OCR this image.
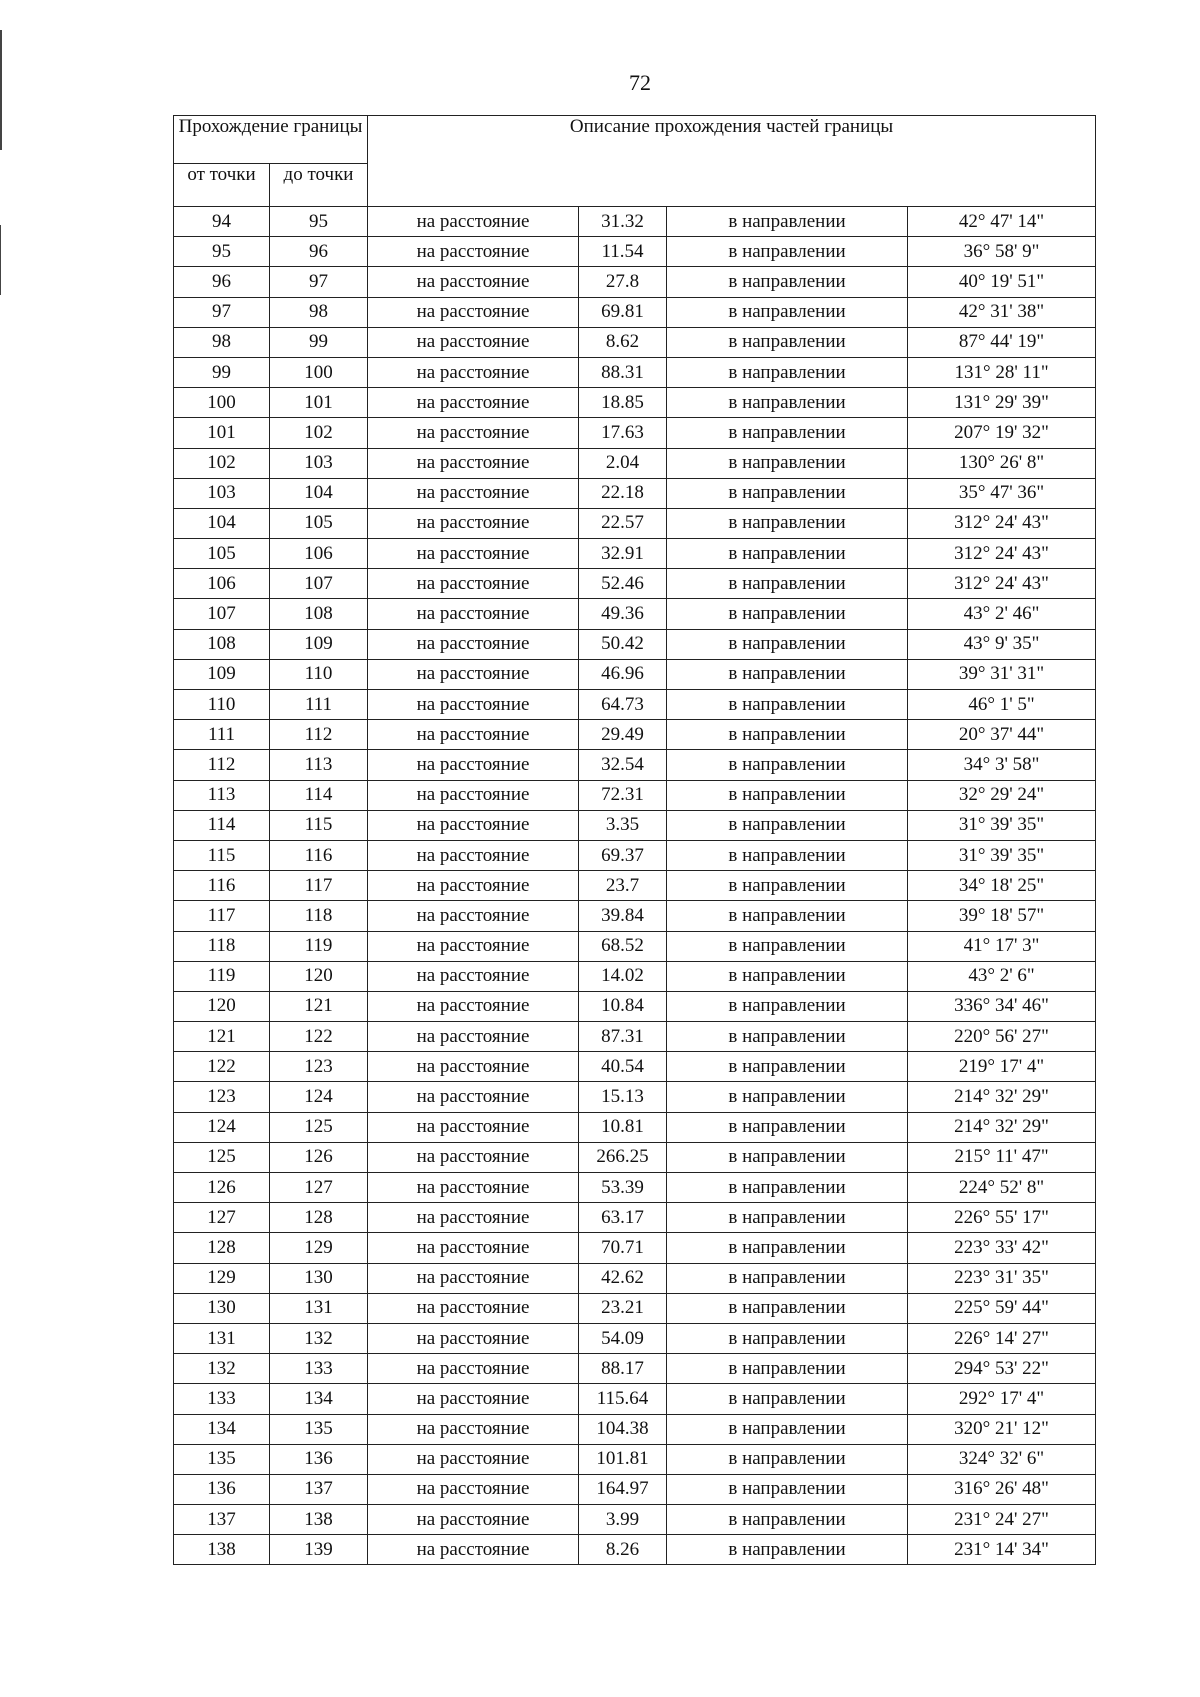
72
Прохождение границы		Описание прохождения частей границы			
от точки	до точки				
94	95	на расстояние	31.32	в направлении	42° 47' 14"
95	96	на расстояние	11.54	в направлении	36° 58' 9"
96	97	на расстояние	27.8	в направлении	40° 19' 51"
97	98	на расстояние	69.81	в направлении	42° 31' 38"
98	99	на расстояние	8.62	в направлении	87° 44' 19"
99	100	на расстояние	88.31	в направлении	131° 28' 11"
100	101	на расстояние	18.85	в направлении	131° 29' 39"
101	102	на расстояние	17.63	в направлении	207° 19' 32"
102	103	на расстояние	2.04	в направлении	130° 26' 8"
103	104	на расстояние	22.18	в направлении	35° 47' 36"
104	105	на расстояние	22.57	в направлении	312° 24' 43"
105	106	на расстояние	32.91	в направлении	312° 24' 43"
106	107	на расстояние	52.46	в направлении	312° 24' 43"
107	108	на расстояние	49.36	в направлении	43° 2' 46"
108	109	на расстояние	50.42	в направлении	43° 9' 35"
109	110	на расстояние	46.96	в направлении	39° 31' 31"
110	111	на расстояние	64.73	в направлении	46° 1' 5"
111	112	на расстояние	29.49	в направлении	20° 37' 44"
112	113	на расстояние	32.54	в направлении	34° 3' 58"
113	114	на расстояние	72.31	в направлении	32° 29' 24"
114	115	на расстояние	3.35	в направлении	31° 39' 35"
115	116	на расстояние	69.37	в направлении	31° 39' 35"
116	117	на расстояние	23.7	в направлении	34° 18' 25"
117	118	на расстояние	39.84	в направлении	39° 18' 57"
118	119	на расстояние	68.52	в направлении	41° 17' 3"
119	120	на расстояние	14.02	в направлении	43° 2' 6"
120	121	на расстояние	10.84	в направлении	336° 34' 46"
121	122	на расстояние	87.31	в направлении	220° 56' 27"
122	123	на расстояние	40.54	в направлении	219° 17' 4"
123	124	на расстояние	15.13	в направлении	214° 32' 29"
124	125	на расстояние	10.81	в направлении	214° 32' 29"
125	126	на расстояние	266.25	в направлении	215° 11' 47"
126	127	на расстояние	53.39	в направлении	224° 52' 8"
127	128	на расстояние	63.17	в направлении	226° 55' 17"
128	129	на расстояние	70.71	в направлении	223° 33' 42"
129	130	на расстояние	42.62	в направлении	223° 31' 35"
130	131	на расстояние	23.21	в направлении	225° 59' 44"
131	132	на расстояние	54.09	в направлении	226° 14' 27"
132	133	на расстояние	88.17	в направлении	294° 53' 22"
133	134	на расстояние	115.64	в направлении	292° 17' 4"
134	135	на расстояние	104.38	в направлении	320° 21' 12"
135	136	на расстояние	101.81	в направлении	324° 32' 6"
136	137	на расстояние	164.97	в направлении	316° 26' 48"
137	138	на расстояние	3.99	в направлении	231° 24' 27"
138	139	на расстояние	8.26	в направлении	231° 14' 34"
